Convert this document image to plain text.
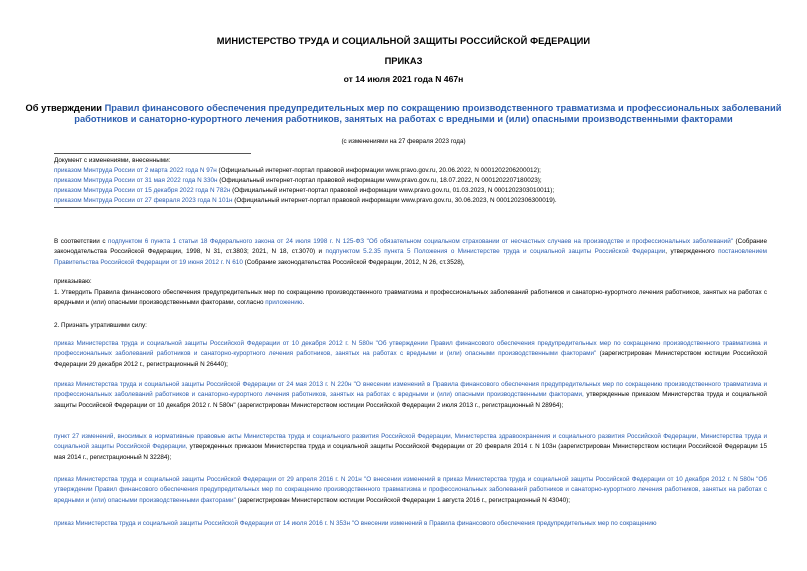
МИНИСТЕРСТВО ТРУДА И СОЦИАЛЬНОЙ ЗАЩИТЫ РОССИЙСКОЙ ФЕДЕРАЦИИ
ПРИКАЗ
от 14 июля 2021 года N 467н
Об утверждении Правил финансового обеспечения предупредительных мер по сокращению производственного травматизма и профессиональных заболеваний работников и санаторно-курортного лечения работников, занятых на работах с вредными и (или) опасными производственными факторами
(с изменениями на 27 февраля 2023 года)
Документ с изменениями, внесенными:
приказом Минтруда России от 2 марта 2022 года N 97н (Официальный интернет-портал правовой информации www.pravo.gov.ru, 20.06.2022, N 0001202206200012);
приказом Минтруда России от 31 мая 2022 года N 330н (Официальный интернет-портал правовой информации www.pravo.gov.ru, 18.07.2022, N 0001202207180023);
приказом Минтруда России от 15 декабря 2022 года N 782н (Официальный интернет-портал правовой информации www.pravo.gov.ru, 01.03.2023, N 0001202303010011);
приказом Минтруда России от 27 февраля 2023 года N 101н (Официальный интернет-портал правовой информации www.pravo.gov.ru, 30.06.2023, N 0001202306300019).

В соответствии с подпунктом 6 пункта 1 статьи 18 Федерального закона от 24 июля 1998 г. N 125-ФЗ "Об обязательном социальном страховании от несчастных случаев на производстве и профессиональных заболеваний" (Собрание законодательства Российской Федерации, 1998, N 31, ст.3803; 2021, N 18, ст.3070) и подпунктом 5.2.35 пункта 5 Положения о Министерстве труда и социальной защиты Российской Федерации, утвержденного постановлением Правительства Российской Федерации от 19 июня 2012 г. N 610 (Собрание законодательства Российской Федерации, 2012, N 26, ст.3528),

приказываю:
1. Утвердить Правила финансового обеспечения предупредительных мер по сокращению производственного травматизма и профессиональных заболеваний работников и санаторно-курортного лечения работников, занятых на работах с вредными и (или) опасными производственными факторами, согласно приложению.
2. Признать утратившими силу:
приказ Министерства труда и социальной защиты Российской Федерации от 10 декабря 2012 г. N 580н "Об утверждении Правил финансового обеспечения предупредительных мер по сокращению производственного травматизма и профессиональных заболеваний работников и санаторно-курортного лечения работников, занятых на работах с вредными и (или) опасными производственными факторами" (зарегистрирован Министерством юстиции Российской Федерации 29 декабря 2012 г., регистрационный N 26440);
приказ Министерства труда и социальной защиты Российской Федерации от 24 мая 2013 г. N 220н "О внесении изменений в Правила финансового обеспечения предупредительных мер по сокращению производственного травматизма и профессиональных заболеваний работников и санаторно-курортного лечения работников, занятых на работах с вредными и (или) опасными производственными факторами, утвержденные приказом Министерства труда и социальной защиты Российской Федерации от 10 декабря 2012 г. N 580н" (зарегистрирован Министерством юстиции Российской Федерации 2 июля 2013 г., регистрационный N 28964);
пункт 27 изменений, вносимых в нормативные правовые акты Министерства труда и социального развития Российской Федерации, Министерства здравоохранения и социального развития Российской Федерации, Министерства труда и социальной защиты Российской Федерации, утвержденных приказом Министерства труда и социальной защиты Российской Федерации от 20 февраля 2014 г. N 103н (зарегистрирован Министерством юстиции Российской Федерации 15 мая 2014 г., регистрационный N 32284);
приказ Министерства труда и социальной защиты Российской Федерации от 29 апреля 2016 г. N 201н "О внесении изменений в приказ Министерства труда и социальной защиты Российской Федерации от 10 декабря 2012 г. N 580н "Об утверждении Правил финансового обеспечения предупредительных мер по сокращению производственного травматизма и профессиональных заболеваний работников и санаторно-курортного лечения работников, занятых на работах с вредными и (или) опасными производственными факторами" (зарегистрирован Министерством юстиции Российской Федерации 1 августа 2016 г., регистрационный N 43040);
приказ Министерства труда и социальной защиты Российской Федерации от 14 июля 2016 г. N 353н "О внесении изменений в Правила финансового обеспечения предупредительных мер по сокращению
